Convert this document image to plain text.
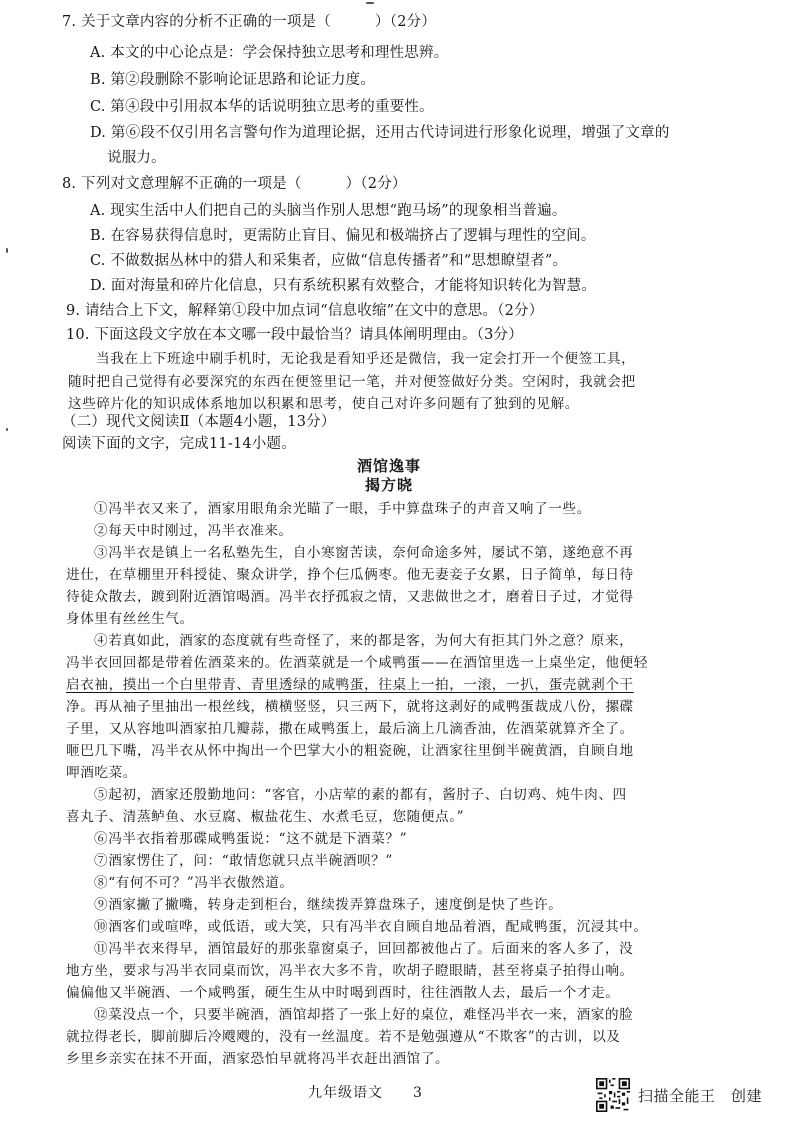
7. 关于文章内容的分析不正确的一项是（　　　）（2分）
A. 本文的中心论点是：学会保持独立思考和理性思辨。
B. 第②段删除不影响论证思路和论证力度。
C. 第④段中引用叔本华的话说明独立思考的重要性。
D. 第⑥段不仅引用名言警句作为道理论据，还用古代诗词进行形象化说理，增强了文章的
说服力。
8. 下列对文意理解不正确的一项是（　　　）（2分）
A. 现实生活中人们把自己的头脑当作别人思想“跑马场”的现象相当普遍。
B. 在容易获得信息时，更需防止盲目、偏见和极端挤占了逻辑与理性的空间。
C. 不做数据丛林中的猎人和采集者，应做“信息传播者”和“思想瞭望者”。
D. 面对海量和碎片化信息，只有系统积累有效整合，才能将知识转化为智慧。
9. 请结合上下文，解释第①段中加点词“信息收缩”在文中的意思。（2分）
10. 下面这段文字放在本文哪一段中最恰当？请具体阐明理由。（3分）
当我在上下班途中刷手机时，无论我是看知乎还是微信，我一定会打开一个便签工具，
随时把自己觉得有必要深究的东西在便签里记一笔，并对便签做好分类。空闲时，我就会把
这些碎片化的知识成体系地加以积累和思考，使自己对许多问题有了独到的见解。
（二）现代文阅读Ⅱ（本题4小题，13分）
阅读下面的文字，完成11-14小题。
酒馆逸事
揭方晓
①冯半衣又来了，酒家用眼角余光瞄了一眼，手中算盘珠子的声音又响了一些。
②每天中时刚过，冯半衣准来。
③冯半衣是镇上一名私塾先生，自小寒窗苦读，奈何命途多舛，屡试不第，遂绝意不再
进仕，在草棚里开科授徒、聚众讲学，挣个仨瓜俩枣。他无妻妾子女累，日子简单，每日待
待徒众散去，踱到附近酒馆喝酒。冯半衣抒孤寂之情，又悲做世之才，磨着日子过，才觉得
身体里有丝丝生气。
④若真如此，酒家的态度就有些奇怪了，来的都是客，为何大有拒其门外之意？原来，
冯半衣回回都是带着佐酒菜来的。佐酒菜就是一个咸鸭蛋——在酒馆里选一上桌坐定，他便轻
启衣袖，摸出一个白里带青、青里透绿的咸鸭蛋，往桌上一拍，一滚，一扒，蛋壳就剥个干
净。再从袖子里抽出一根丝线，横横竖竖，只三两下，就将这剥好的咸鸭蛋裁成八份，摞碟
子里，又从容地叫酒家拍几瓣蒜，撒在咸鸭蛋上，最后滴上几滴香油，佐酒菜就算齐全了。
咂巴几下嘴，冯半衣从怀中掏出一个巴掌大小的粗瓷碗，让酒家往里倒半碗黄酒，自顾自地
呷酒吃菜。
⑤起初，酒家还殷勤地问：“客官，小店荤的素的都有，酱肘子、白切鸡、炖牛肉、四
喜丸子、清蒸鲈鱼、水豆腐、椒盐花生、水煮毛豆，您随便点。”
⑥冯半衣指着那碟咸鸭蛋说：“这不就是下酒菜？”
⑦酒家愣住了，问：“敢情您就只点半碗酒呗？”
⑧“有何不可？”冯半衣傲然道。
⑨酒家撇了撇嘴，转身走到柜台，继续拨弄算盘珠子，速度倒是快了些许。
⑩酒客们或喧哗，或低语，或大笑，只有冯半衣自顾自地品着酒，配咸鸭蛋，沉浸其中。
⑪冯半衣来得早，酒馆最好的那张靠窗桌子，回回都被他占了。后面来的客人多了，没
地方坐，要求与冯半衣同桌而饮，冯半衣大多不肯，吹胡子瞪眼睛，甚至将桌子拍得山响。
偏偏他又半碗酒、一个咸鸭蛋，硬生生从中时喝到酉时，往往酒散人去，最后一个才走。
⑫菜没点一个，只要半碗酒，酒馆却搭了一张上好的桌位，难怪冯半衣一来，酒家的脸
就拉得老长，脚前脚后冷飕飕的，没有一丝温度。若不是勉强遵从“不欺客”的古训，以及
乡里乡亲实在抹不开面，酒家恐怕早就将冯半衣赶出酒馆了。
九年级语文　　3	扫描全能王　创建
